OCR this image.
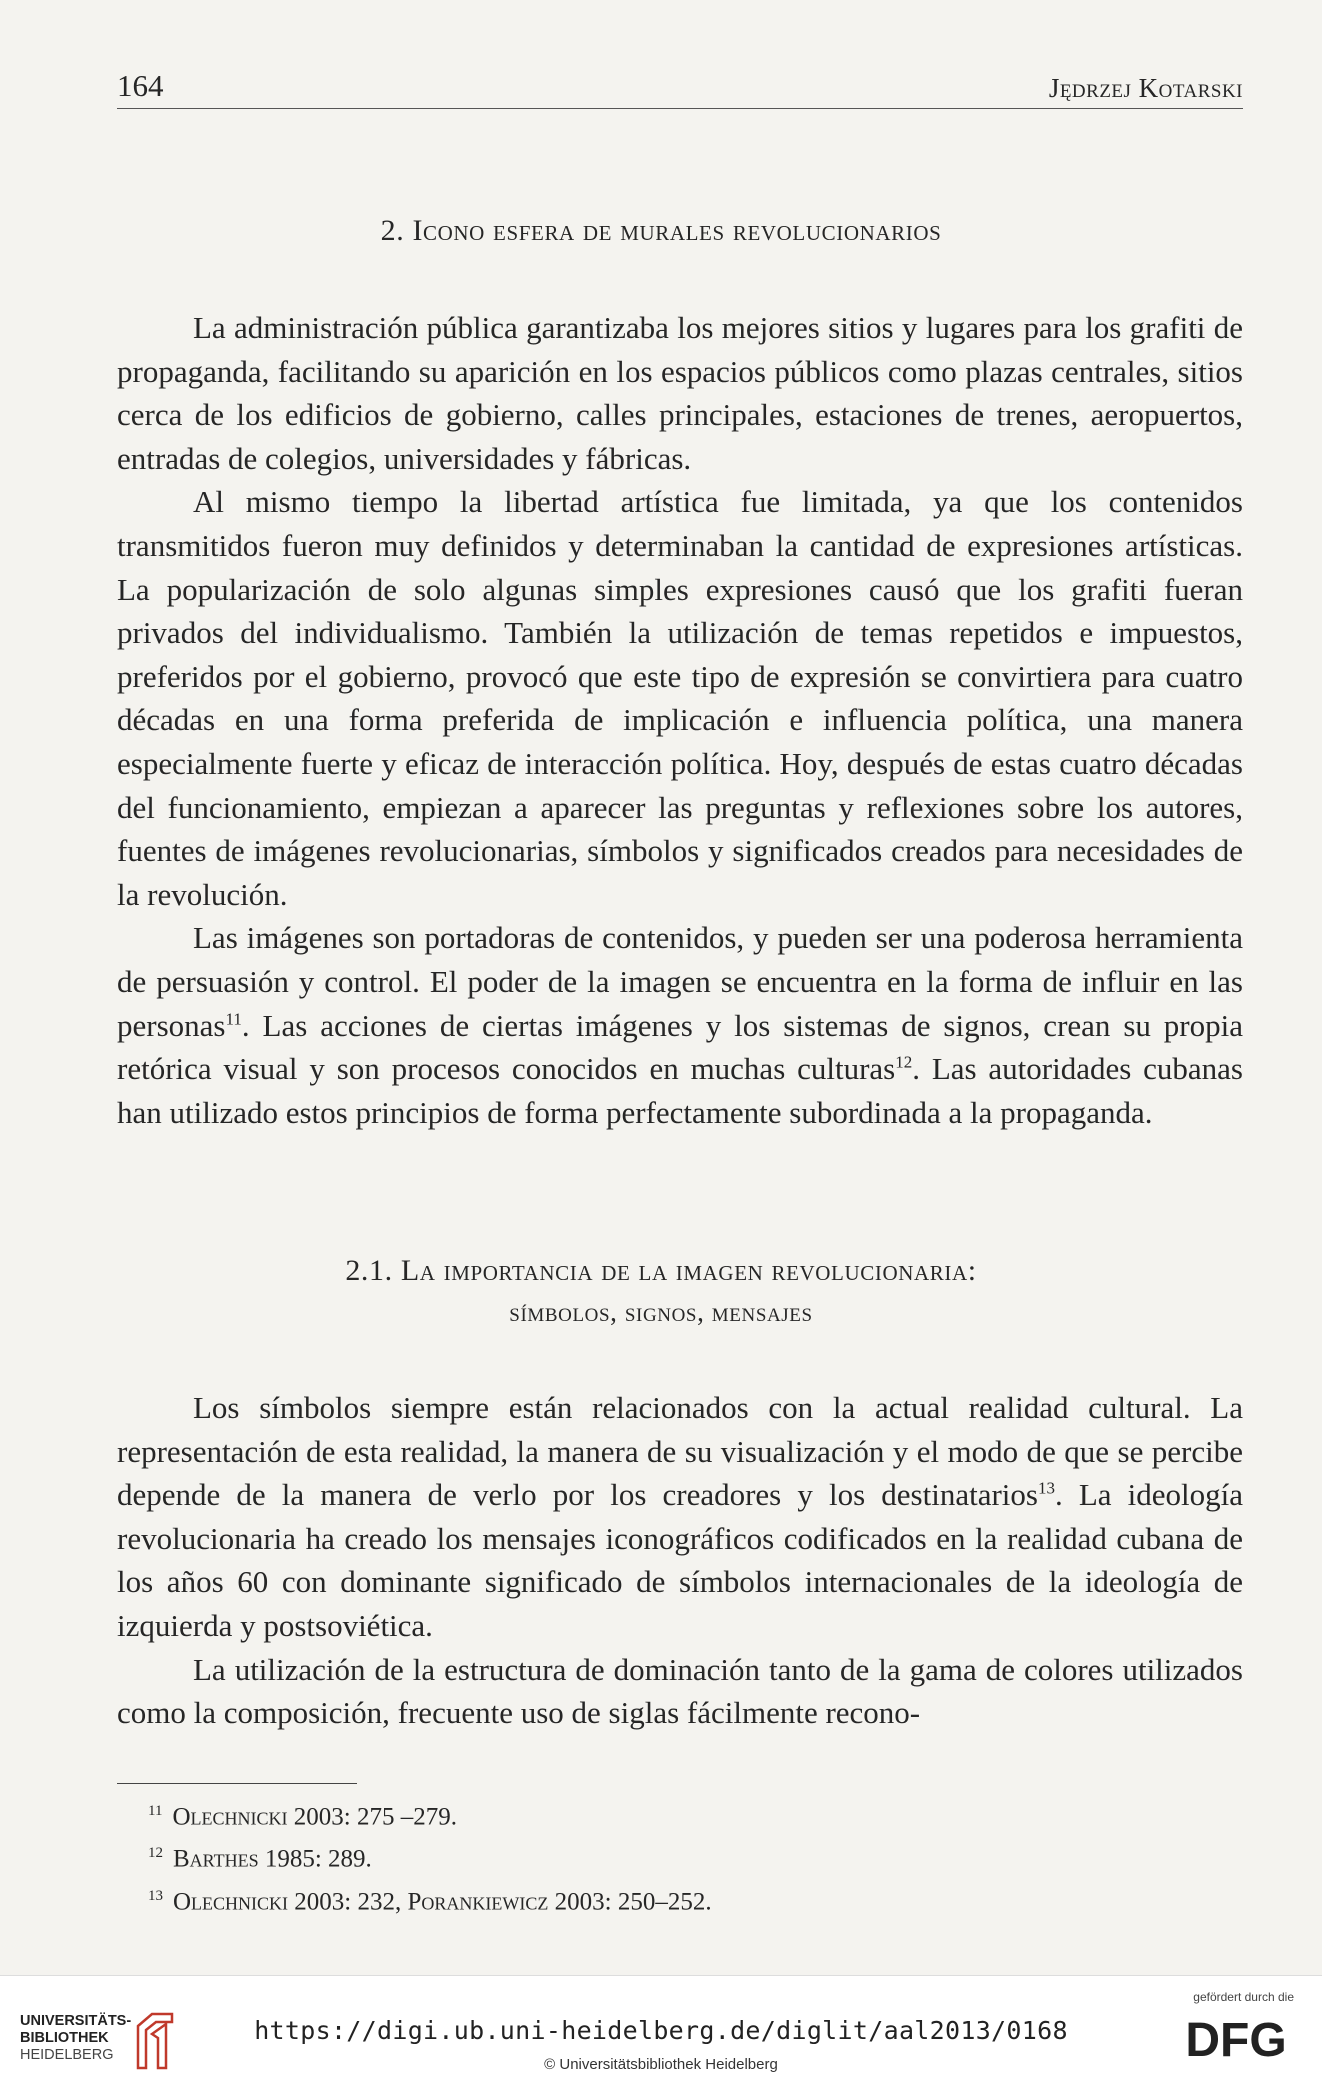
164	Jędrzej Kotarski
2. Icono esfera de murales revolucionarios

La administración pública garantizaba los mejores sitios y lugares para los grafiti de propaganda, facilitando su aparición en los espacios públicos como plazas centrales, sitios cerca de los edificios de gobierno, calles principales, estaciones de trenes, aeropuertos, entradas de colegios, universidades y fábricas.

Al mismo tiempo la libertad artística fue limitada, ya que los contenidos transmitidos fueron muy definidos y determinaban la cantidad de expresiones artísticas. La popularización de solo algunas simples expresiones causó que los grafiti fueran privados del individualismo. También la utilización de temas repetidos e impuestos, preferidos por el gobierno, provocó que este tipo de expresión se convirtiera para cuatro décadas en una forma preferida de implicación e influencia política, una manera especialmente fuerte y eficaz de interacción política. Hoy, después de estas cuatro décadas del funcionamiento, empiezan a aparecer las preguntas y reflexiones sobre los autores, fuentes de imágenes revolucionarias, símbolos y significados creados para necesidades de la revolución.

Las imágenes son portadoras de contenidos, y pueden ser una poderosa herramienta de persuasión y control. El poder de la imagen se encuentra en la forma de influir en las personas$^{11}$. Las acciones de ciertas imágenes y los sistemas de signos, crean su propia retórica visual y son procesos conocidos en muchas culturas$^{12}$. Las autoridades cubanas han utilizado estos principios de forma perfectamente subordinada a la propaganda.

2.1. La importancia de la imagen revolucionaria:
símbolos, signos, mensajes

Los símbolos siempre están relacionados con la actual realidad cultural. La representación de esta realidad, la manera de su visualización y el modo de que se percibe depende de la manera de verlo por los creadores y los destinatarios$^{13}$. La ideología revolucionaria ha creado los mensajes iconográficos codificados en la realidad cubana de los años 60 con dominante significado de símbolos internacionales de la ideología de izquierda y postsoviética.

La utilización de la estructura de dominación tanto de la gama de colores utilizados como la composición, frecuente uso de siglas fácilmente recono-

$^{11}$ Olechnicki 2003: 275 –279.
$^{12}$ Barthes 1985: 289.
$^{13}$ Olechnicki 2003: 232, Porankiewicz 2003: 250–252.
UNIVERSITÄTS-
BIBLIOTHEK
HEIDELBERG
https://digi.ub.uni-heidelberg.de/diglit/aal2013/0168
© Universitätsbibliothek Heidelberg
gefördert durch die
DFG
